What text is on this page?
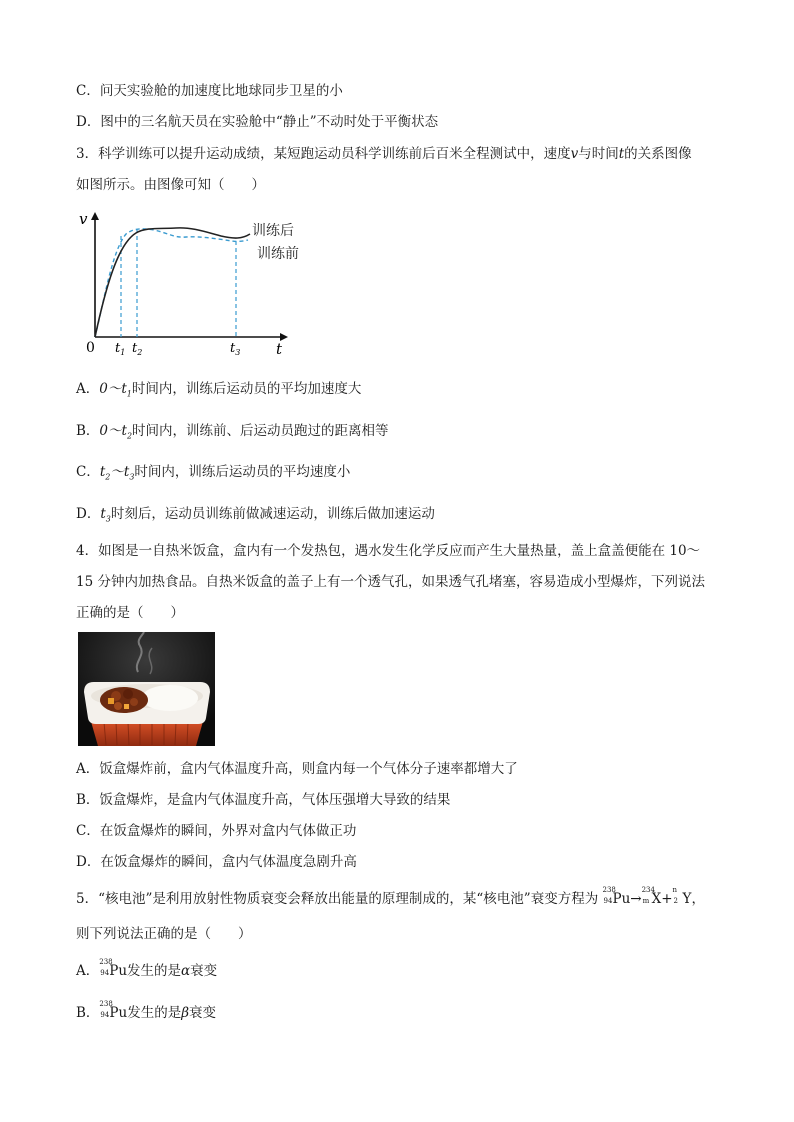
C．问天实验舱的加速度比地球同步卫星的小
D．图中的三名航天员在实验舱中“静止”不动时处于平衡状态
3．科学训练可以提升运动成绩，某短跑运动员科学训练前后百米全程测试中，速度v与时间t的关系图像
如图所示。由图像可知（　　）
v
t
0
训练后
训练前
$t_1$ $t_2$	$t_3$
A．$0\sim t_1$时间内，训练后运动员的平均加速度大
B．$0\sim t_2$时间内，训练前、后运动员跑过的距离相等
C．$t_2\sim t_3$时间内，训练后运动员的平均速度小
D．$t_3$时刻后，运动员训练前做减速运动，训练后做加速运动
4．如图是一自热米饭盒，盒内有一个发热包，遇水发生化学反应而产生大量热量，盖上盒盖便能在 10～
15 分钟内加热食品。自热米饭盒的盖子上有一个透气孔，如果透气孔堵塞，容易造成小型爆炸，下列说法
正确的是（　　）
A．饭盒爆炸前，盒内气体温度升高，则盒内每一个气体分子速率都增大了
B．饭盒爆炸，是盒内气体温度升高，气体压强增大导致的结果
C．在饭盒爆炸的瞬间，外界对盒内气体做正功
D．在饭盒爆炸的瞬间，盒内气体温度急剧升高
5．“核电池”是利用放射性物质衰变会释放出能量的原理制成的，某“核电池”衰变方程为
238
94 Pu→
234
m X+
n
2 Y，
则下列说法正确的是（　　）
A．
238
94 Pu发生的是α衰变
B．
238
94 Pu发生的是β衰变
